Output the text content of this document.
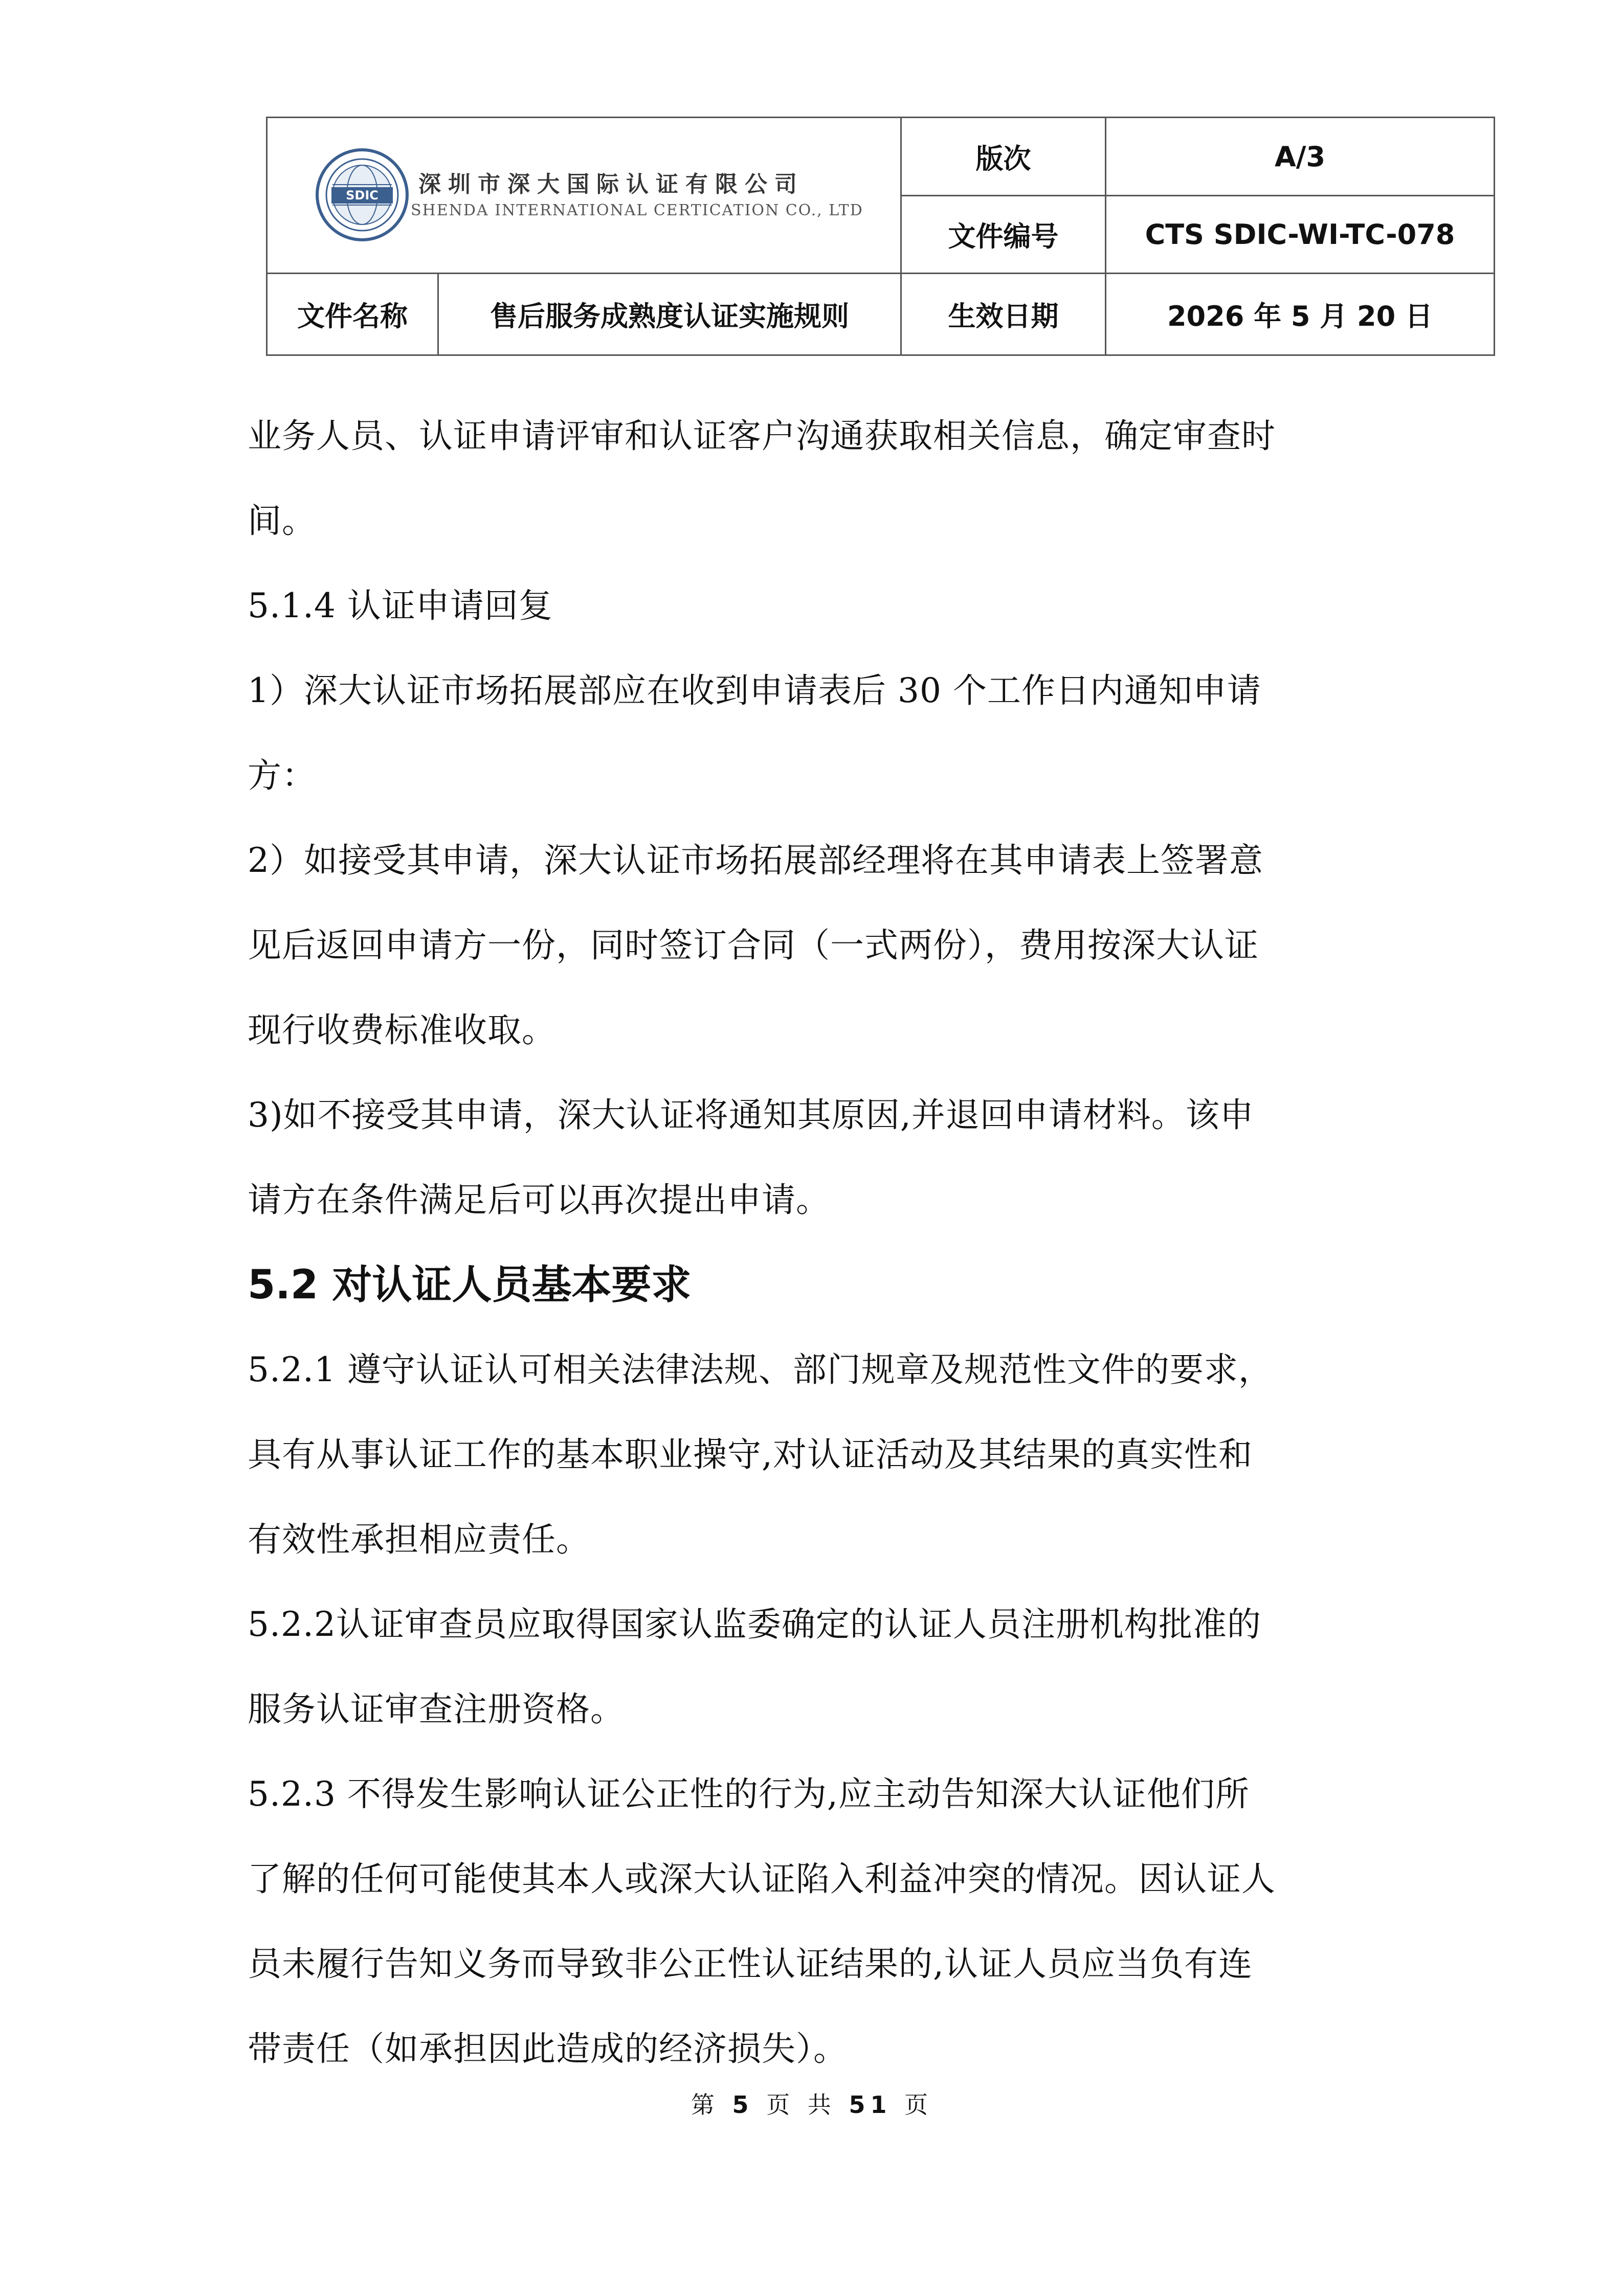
SDIC 深圳市深大国际认证有限公司
SHENDA INTERNATIONAL CERTICATION CO., LTD		版次	A/3
		文件编号	CTS SDIC-WI-TC-078
文件名称	售后服务成熟度认证实施规则	生效日期	2026 年 5 月 20 日

业务人员、认证申请评审和认证客户沟通获取相关信息，确定审查时

间。

5.1.4 认证申请回复

1）深大认证市场拓展部应在收到申请表后 30 个工作日内通知申请

方：

2）如接受其申请，深大认证市场拓展部经理将在其申请表上签署意

见后返回申请方一份，同时签订合同（一式两份），费用按深大认证

现行收费标准收取。

3)如不接受其申请，深大认证将通知其原因,并退回申请材料。该申

请方在条件满足后可以再次提出申请。

5.2 对认证人员基本要求

5.2.1 遵守认证认可相关法律法规、部门规章及规范性文件的要求，

具有从事认证工作的基本职业操守,对认证活动及其结果的真实性和

有效性承担相应责任。

5.2.2认证审查员应取得国家认监委确定的认证人员注册机构批准的

服务认证审查注册资格。

5.2.3 不得发生影响认证公正性的行为,应主动告知深大认证他们所

了解的任何可能使其本人或深大认证陷入利益冲突的情况。因认证人

员未履行告知义务而导致非公正性认证结果的,认证人员应当负有连

带责任（如承担因此造成的经济损失）。

第 5 页 共 51 页
